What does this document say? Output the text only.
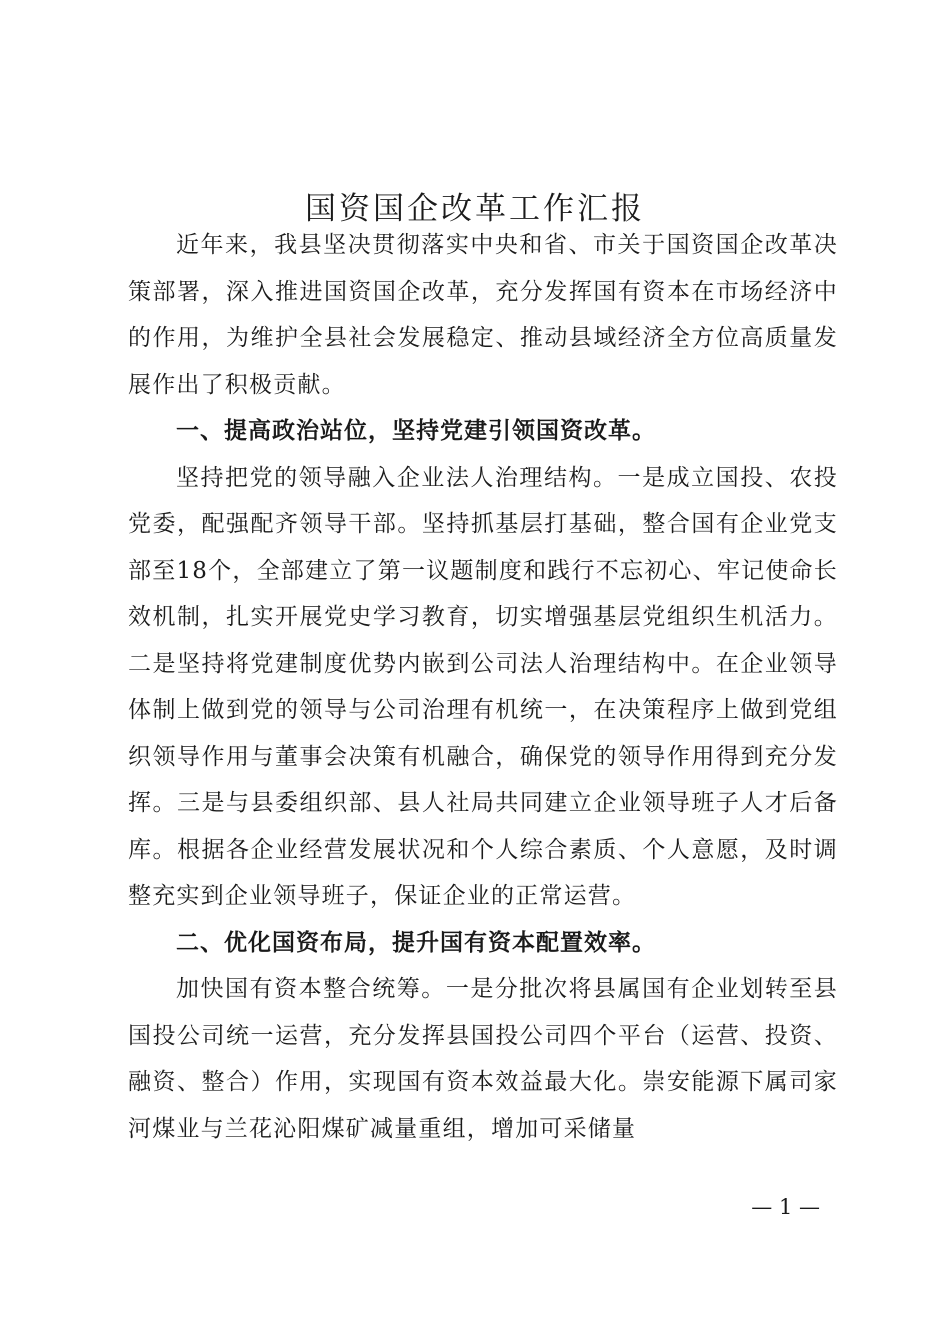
国资国企改革工作汇报

近年来，我县坚决贯彻落实中央和省、市关于国资国企改革决策部署，深入推进国资国企改革，充分发挥国有资本在市场经济中的作用，为维护全县社会发展稳定、推动县域经济全方位高质量发展作出了积极贡献。

一、提高政治站位，坚持党建引领国资改革。

坚持把党的领导融入企业法人治理结构。一是成立国投、农投党委，配强配齐领导干部。坚持抓基层打基础，整合国有企业党支部至18个，全部建立了第一议题制度和践行不忘初心、牢记使命长效机制，扎实开展党史学习教育，切实增强基层党组织生机活力。二是坚持将党建制度优势内嵌到公司法人治理结构中。在企业领导体制上做到党的领导与公司治理有机统一，在决策程序上做到党组织领导作用与董事会决策有机融合，确保党的领导作用得到充分发挥。三是与县委组织部、县人社局共同建立企业领导班子人才后备库。根据各企业经营发展状况和个人综合素质、个人意愿，及时调整充实到企业领导班子，保证企业的正常运营。

二、优化国资布局，提升国有资本配置效率。

加快国有资本整合统筹。一是分批次将县属国有企业划转至县国投公司统一运营，充分发挥县国投公司四个平台（运营、投资、融资、整合）作用，实现国有资本效益最大化。崇安能源下属司家河煤业与兰花沁阳煤矿减量重组，增加可采储量

— 1 —
